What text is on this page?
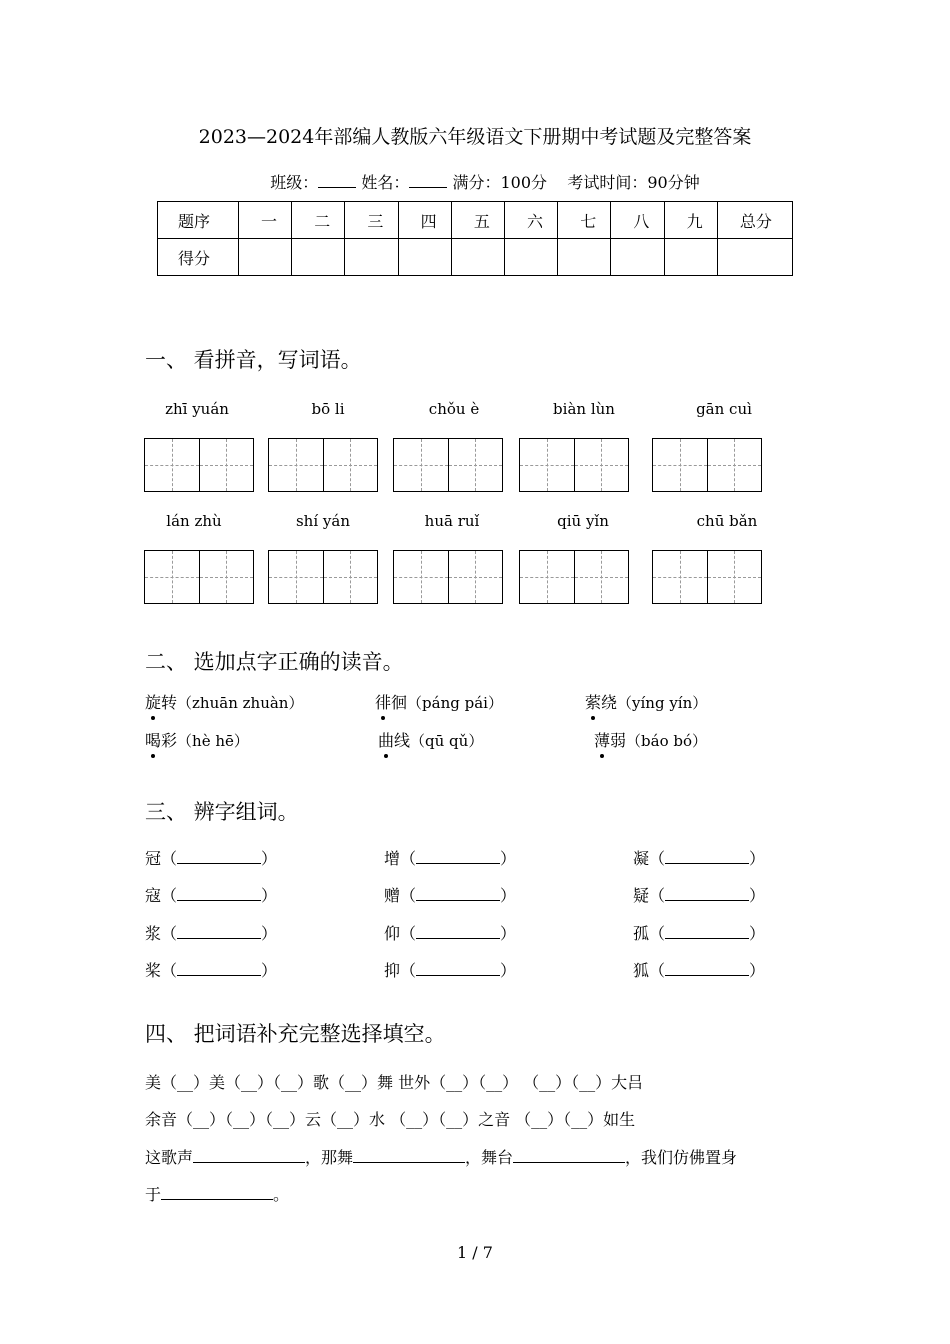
2023—2024年部编人教版六年级语文下册期中考试题及完整答案
班级：	姓名：	满分：100分 考试时间：90分钟
题序	一	二	三	四	五	六	七	八	九	总分
得分										
一、 看拼音，写词语。
zhī yuán	bō li	chǒu è	biàn lùn	gān cuì
lán zhù	shí yán	huā ruǐ	qiū yǐn	chū bǎn
二、 选加点字正确的读音。
旋转（zhuān zhuàn）	徘徊（páng pái）	萦绕（yíng yín）
喝彩（hè hē）	曲线（qū qǔ）	薄弱（báo bó）
三、 辨字组词。
冠（	）	增（	）	凝（	）
寇（	）	赠（	）	疑（	）
浆（	）	仰（	）	孤（	）
桨（	）	抑（	）	狐（	）
四、 把词语补充完整选择填空。
美（__）美（__）（__）歌（__）舞 世外（__）（__） （__）（__）大吕
余音（__）（__）（__）云（__）水 （__）（__）之音 （__）（__）如生
这歌声	，那舞	，舞台	，我们仿佛置身
于	。
1 / 7
